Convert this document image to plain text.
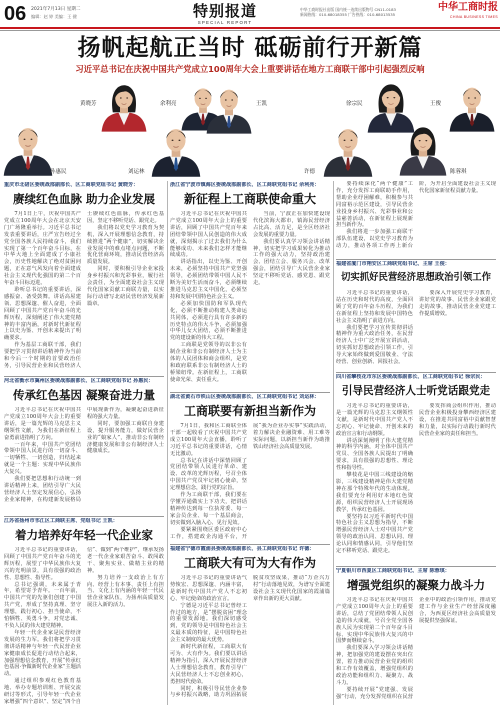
06 2021年7月13日 星期二
编辑：赵 婷 美编：王 健	特别报道
SPECIAL REPORT
中华工商时报社出版 国内统一连续出版物号 CN11-0183
新闻热线：010-68018355 广告热线：010-68013535
中华工商时报
CHINA BUSINESS TIMES
扬帆起航正当时 砥砺前行开新篇
习近平总书记在庆祝中国共产党成立100周年大会上重要讲话在地方工商联干部中引起强烈反响
黄晓芳	余利亮	王凯	徐宗民	王俊
孙惠民	刘运林	许德	陈蓉琪
重庆市北碚区委统战部副部长、区工商联党组书记 黄晓芳：
赓续红色血脉 助力企业发展

7月1日上午，庆祝中国共产党成立100周年大会在北京天安门广场隆重举行。习近平总书记发表重要讲话，庄严宣告经过全党全国各族人民持续奋斗，我们实现了第一个百年奋斗目标，在中华大地上全面建成了小康社会，历史性地解决了绝对贫困问题，正在意气风发向着全面建成社会主义现代化强国的第二个百年奋斗目标迈进。

聆听总书记的重要讲话，深感振奋、备受鼓舞。讲话高屋建瓴、思想深邃、催人奋进，全面回顾了中国共产党百年奋斗的光辉历程，深刻阐述了伟大建党精神的丰富内涵，对新时代新征程上以史为鉴、开创未来提出了明确要求。

作为基层工商联干部，我们要把学习贯彻讲话精神作为当前和今后一个时期的首要政治任务，引导民营企业和民营经济人士赓续红色血脉，传承红色基因，坚定不移听党话、跟党走。

我们将以党史学习教育为契机，深入开展理想信念教育，持续推进“两个健康”，切实解决企业发展中的难点堵点问题，不断优化营商环境，推动民营经济高质量发展。

同时，要积极引导企业家投身乡村振兴和光彩事业，履行社会责任，为全面建设社会主义现代化国家贡献工商联力量，以实际行动谱写北碚民营经济发展新篇章。

河北省衡水市冀州区委统战部副部长、区工商联党组书记 孙惠民：
传承红色基因 凝聚奋进力量

习近平总书记在庆祝中国共产党成立100周年大会上的重要讲话，是一篇光辉的马克思主义纲领性文献，为我们在新征程上奋勇前进指明了方向。

一百年来，中国共产党团结带领中国人民进行的一切奋斗、一切牺牲、一切创造，归结起来就是一个主题：实现中华民族伟大复兴。

我们要把思想和行动统一到讲话精神上来，团结引导广大民营经济人士坚定发展信心，弘扬企业家精神，在构建新发展格局中展现新作为，凝聚起奋进新征程的强大力量。

同时，要加强工商联自身建设，提升服务能力，做好民营企业的“娘家人”，推动非公有制经济健康发展和非公有制经济人士健康成长。

江苏省扬州市邗江区工商联主席、党组书记 王凯：
着力培养好年轻一代企业家

习近平总书记的重要讲话，回顾了中国共产党百年奋斗的光辉历程，展望了中华民族伟大复兴的光明前景，具有很强的政治性、思想性、指导性。

总书记强调，未来属于青年，希望寄予青年。一百年前，中国共产党的先驱们创建了中国共产党，形成了坚持真理、坚守理想，践行初心、担当使命，不怕牺牲、英勇斗争，对党忠诚、不负人民的伟大建党精神。

年轻一代企业家是民营经济发展的生力军。我们将把学习贯彻讲话精神与年轻一代民营企业家健康成长促进行动结合起来，加强理想信念教育，开展“传承红色基因·争做新时代企业家”主题活动。

通过组织参观红色教育基地、举办专题培训班、开展交流研讨等形式，引导年轻一代企业家增强“四个意识”、坚定“四个自信”、做到“两个维护”，继承发扬老一代企业家艰苦奋斗、敢闯敢干、聚焦实业、做精主业的精神。

努力培养一支政治上有方向、经营上有本事、责任上有担当、文化上有内涵的年轻一代民营企业家队伍，为扬州高质量发展注入新的活力。

浙江省宁波市镇海区委统战部副部长、区工商联党组书记 余利亮：
新征程上工商联使命重大

习近平总书记在庆祝中国共产党成立100周年大会上的重要讲话，回顾了中国共产党百年来团结带领中国人民创造的伟大成就，深刻揭示了过去我们为什么能够成功、未来我们怎样才能继续成功。

讲话指出，以史为鉴、开创未来，必须坚持中国共产党坚强领导，必须团结带领中国人民不断为美好生活而奋斗，必须继续推进马克思主义中国化，必须坚持和发展中国特色社会主义。

必须加快国防和军队现代化，必须不断推动构建人类命运共同体，必须进行具有许多新的历史特点的伟大斗争，必须加强中华儿女大团结，必须不断推进党的建设新的伟大工程。

工商联是党领导的以非公有制企业和非公有制经济人士为主体的人民团体和商会组织，是党和政府联系非公有制经济人士的桥梁纽带。在新征程上，工商联使命光荣、责任重大。

当前，宁波正在加快建设现代化滨海大都市，镇海民营经济占比高、活力足，是全区经济社会发展的重要力量。

我们要认真学习领会讲话精神，切实把学习成果转化为推动工作的强大动力，坚持政治建会、团结立会、服务兴会、改革强会，团结引导广大民营企业家坚定不移听党话、感党恩、跟党走。

要持续深化“两个健康”工作，充分发挥工商联助手作用，帮助企业纾困解难，积极参与共同富裕示范区建设，引导民营企业投身乡村振兴、光彩事业和公益慈善活动，在新征程上展现新担当新作为。

我们将进一步加强工商联干部队伍建设，以党史学习教育为动力，推动各项工作再上新台阶，为开启全面建设社会主义现代化国家新征程贡献力量。

湖北省黄石市铁山区委统战部副部长、区工商联党组书记 刘运林：
工商联要有新担当新作为

7月1日，我和区工商联全体干部一起收看了庆祝中国共产党成立100周年大会直播，聆听了习近平总书记的重要讲话，心情无比激动。

总书记在讲话中深情回顾了党团结带领人民进行革命、建设、改革的光辉历程，号召全体中国共产党员牢记初心使命，坚定理想信念，践行党的宗旨。

作为工商联干部，我们要在学懂弄通做实上下功夫，把讲话精神传达到每一位执常委、每一家会员企业、每一个基层商会，切实做到入脑入心、见行见效。

要紧紧围绕区委区政府中心工作，搭建政企沟通平台，开展“我为企业办实事”实践活动，着力解决企业融资难、用工难等实际问题，以新担当新作为助推铁山经济社会高质量发展。

福建省宁德市霞浦县委统战部副部长、县工商联党组书记 许德：
工商联大有可为大有作为

习近平总书记的重要讲话气势恢宏、思想深邃、内涵丰富，是新时代中国共产党人不忘初心、牢记使命的政治宣言。

宁德是习近平总书记曾经工作过的地方，是“摆脱贫困”理念的重要发源地。我们深切感受到，党的领导是中国特色社会主义最本质的特征，是中国特色社会主义制度的最大优势。

新时代新征程，工商联大有可为、大有作为。我们要以讲话精神为指引，深入开展民营经济人士理想信念教育，教育引导广大民营经济人士不忘创业初心，勇担时代使命。

同时，积极引导民营企业参与乡村振兴战略，助力巩固拓展脱贫攻坚成果，推动“万企兴万村”行动落地见效，为谱写全面建设社会主义现代化国家的霞浦篇章作出新的更大贡献。

福建省厦门市翔安区工商联党组书记、主席 王俊：
切实抓好民营经济思想政治引领工作

习近平总书记的重要讲话，站在历史和时代的高度，全面回顾了党的百年奋斗历程，为我们在新征程上坚持和发展中国特色社会主义指明了前进方向。

我们要把学习宣传贯彻讲话精神作为重大政治任务，在民营经济人士中广泛开展宣讲活动，切实抓好思想政治引领工作，引导大家始终做到爱国敬业、守法经营、创业创新、回报社会。

要深入开展党史学习教育，讲好党的故事、民营企业家跟党走的故事，推动民营企业党建工作提质增效。

四川省攀枝花市东区委统战部副部长、区工商联党组书记 徐宗民：
引导民营经济人士听党话跟党走

习近平总书记的重要讲话，是一篇光辉的马克思主义纲领性文献，是新时代中国共产党人不忘初心、牢记使命、开创未来的政治宣言和行动纲领。

讲话深刻阐明了伟大建党精神的科学内涵，对全体中国共产党员、全国各族人民提出了明确要求，具有很强的思想性、理论性和指导性。

攀枝花是中国三线建设的缩影，三线建设精神是伟大建党精神在那个特殊年代的生动体现。我们要充分利用好本地红色资源，组织民营经济人士开展现场教学，传承红色基因。

要坚持以习近平新时代中国特色社会主义思想为指导，不断增强民营经济人士对中国共产党领导的政治认同、思想认同、理论认同和情感认同，引导他们坚定不移听党话、跟党走。

要发挥商会组织作用，推动民营企业积极投身攀西经济区建设，在推进共同富裕中贡献智慧和力量，以实际行动践行新时代民营企业家的责任和担当。

宁夏银川市西夏区工商联党组书记、主席 陈蓉琪：
增强党组织的凝聚力战斗力

习近平总书记在庆祝中国共产党成立100周年大会上的重要讲话，总结了党团结带领人民创造的伟大成就，号召全党全国各族人民为实现第二个百年奋斗目标、实现中华民族伟大复兴的中国梦而继续奋斗。

我们要深入学习领会讲话精神，把加强党的建设摆在突出位置，着力推动民营企业党的组织和工作有效覆盖，增强党组织的政治功能和组织力、凝聚力、战斗力。

要持续开展“党建强、发展强”行动，充分发挥党组织在民营企业中的政治引领作用，推动党建工作与企业生产经营深度融合，为西夏区经济社会高质量发展提供坚强保证。
